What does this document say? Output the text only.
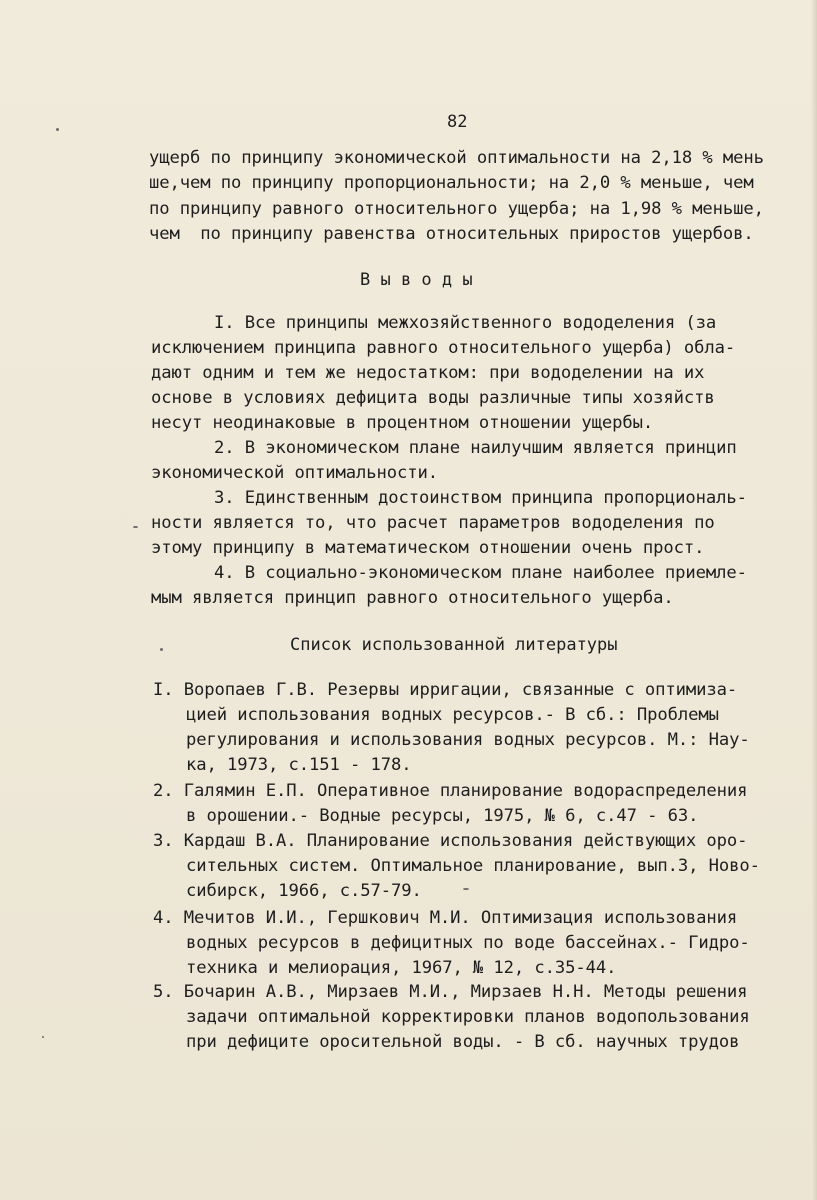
82
ущерб по принципу экономической оптимальности на 2,18 % мень
ше,чем по принципу пропорциональности; на 2,0 % меньше, чем
по принципу равного относительного ущерба; на 1,98 % меньше,
чем  по принципу равенства относительных приростов ущербов.
В ы в о д ы
I. Все принципы межхозяйственного вододеления (за
исключением принципа равного относительного ущерба) обла-
дают одним и тем же недостатком: при вододелении на их
основе в условиях дефицита воды различные типы хозяйств
несут неодинаковые в процентном отношении ущербы.
2. В экономическом плане наилучшим является принцип
экономической оптимальности.
3. Единственным достоинством принципа пропорциональ-
ности является то, что расчет параметров вододеления по
этому принципу в математическом отношении очень прост.
4. В социально-экономическом плане наиболее приемле-
мым является принцип равного относительного ущерба.
Список использованной литературы
I. Воропаев Г.В. Резервы ирригации, связанные с оптимиза-
цией использования водных ресурсов.- В сб.: Проблемы
регулирования и использования водных ресурсов. М.: Нау-
ка, 1973, с.151 - 178.
2. Галямин Е.П. Оперативное планирование водораспределения
в орошении.- Водные ресурсы, 1975, № 6, с.47 - 63.
3. Кардаш В.А. Планирование использования действующих оро-
сительных систем. Оптимальное планирование, вып.3, Ново-
сибирск, 1966, с.57-79.
4. Мечитов И.И., Гершкович М.И. Оптимизация использования
водных ресурсов в дефицитных по воде бассейнах.- Гидро-
техника и мелиорация, 1967, № 12, с.35-44.
5. Бочарин А.В., Мирзаев М.И., Мирзаев Н.Н. Методы решения
задачи оптимальной корректировки планов водопользования
при дефиците оросительной воды. - В сб. научных трудов
